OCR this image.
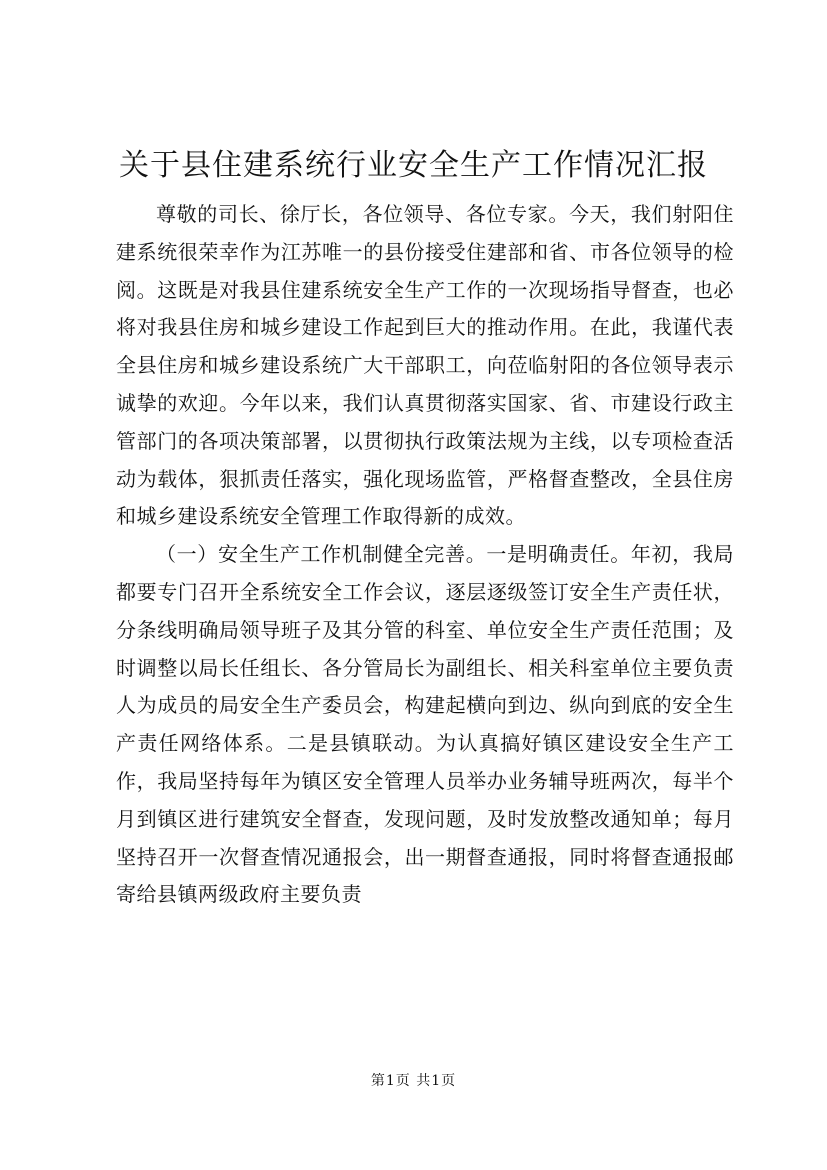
关于县住建系统行业安全生产工作情况汇报

尊敬的司长、徐厅长，各位领导、各位专家。今天，我们射阳住建系统很荣幸作为江苏唯一的县份接受住建部和省、市各位领导的检阅。这既是对我县住建系统安全生产工作的一次现场指导督查，也必将对我县住房和城乡建设工作起到巨大的推动作用。在此，我谨代表全县住房和城乡建设系统广大干部职工，向莅临射阳的各位领导表示诚挚的欢迎。今年以来，我们认真贯彻落实国家、省、市建设行政主管部门的各项决策部署，以贯彻执行政策法规为主线，以专项检查活动为载体，狠抓责任落实，强化现场监管，严格督查整改，全县住房和城乡建设系统安全管理工作取得新的成效。

（一）安全生产工作机制健全完善。一是明确责任。年初，我局都要专门召开全系统安全工作会议，逐层逐级签订安全生产责任状，分条线明确局领导班子及其分管的科室、单位安全生产责任范围；及时调整以局长任组长、各分管局长为副组长、相关科室单位主要负责人为成员的局安全生产委员会，构建起横向到边、纵向到底的安全生产责任网络体系。二是县镇联动。为认真搞好镇区建设安全生产工作，我局坚持每年为镇区安全管理人员举办业务辅导班两次，每半个月到镇区进行建筑安全督查，发现问题，及时发放整改通知单；每月坚持召开一次督查情况通报会，出一期督查通报，同时将督查通报邮寄给县镇两级政府主要负责

第1页 共1页
